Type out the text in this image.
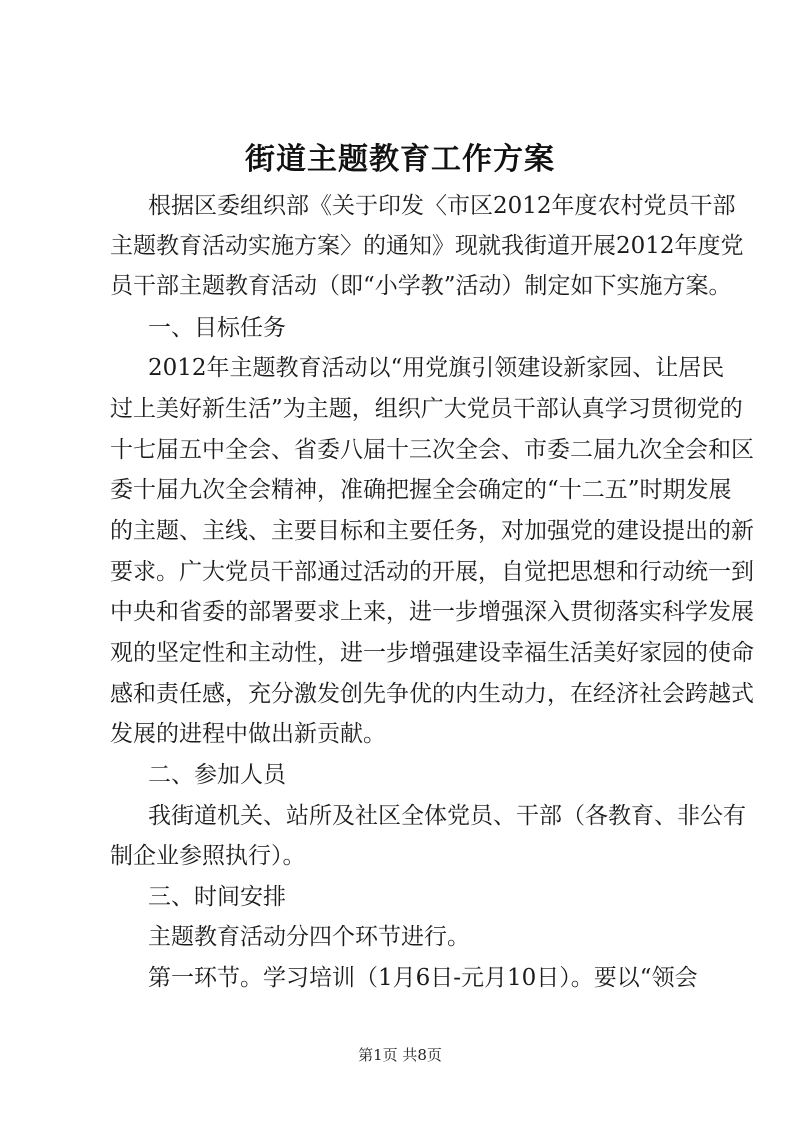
街道主题教育工作方案
根据区委组织部《关于印发〈市区2012年度农村党员干部
主题教育活动实施方案〉的通知》现就我街道开展2012年度党
员干部主题教育活动（即“小学教”活动）制定如下实施方案。
一、目标任务
2012年主题教育活动以“用党旗引领建设新家园、让居民
过上美好新生活”为主题，组织广大党员干部认真学习贯彻党的
十七届五中全会、省委八届十三次全会、市委二届九次全会和区
委十届九次全会精神，准确把握全会确定的“十二五”时期发展
的主题、主线、主要目标和主要任务，对加强党的建设提出的新
要求。广大党员干部通过活动的开展，自觉把思想和行动统一到
中央和省委的部署要求上来，进一步增强深入贯彻落实科学发展
观的坚定性和主动性，进一步增强建设幸福生活美好家园的使命
感和责任感，充分激发创先争优的内生动力，在经济社会跨越式
发展的进程中做出新贡献。
二、参加人员
我街道机关、站所及社区全体党员、干部（各教育、非公有
制企业参照执行）。
三、时间安排
主题教育活动分四个环节进行。
第一环节。学习培训（1月6日-元月10日）。要以“领会
第1页 共8页
